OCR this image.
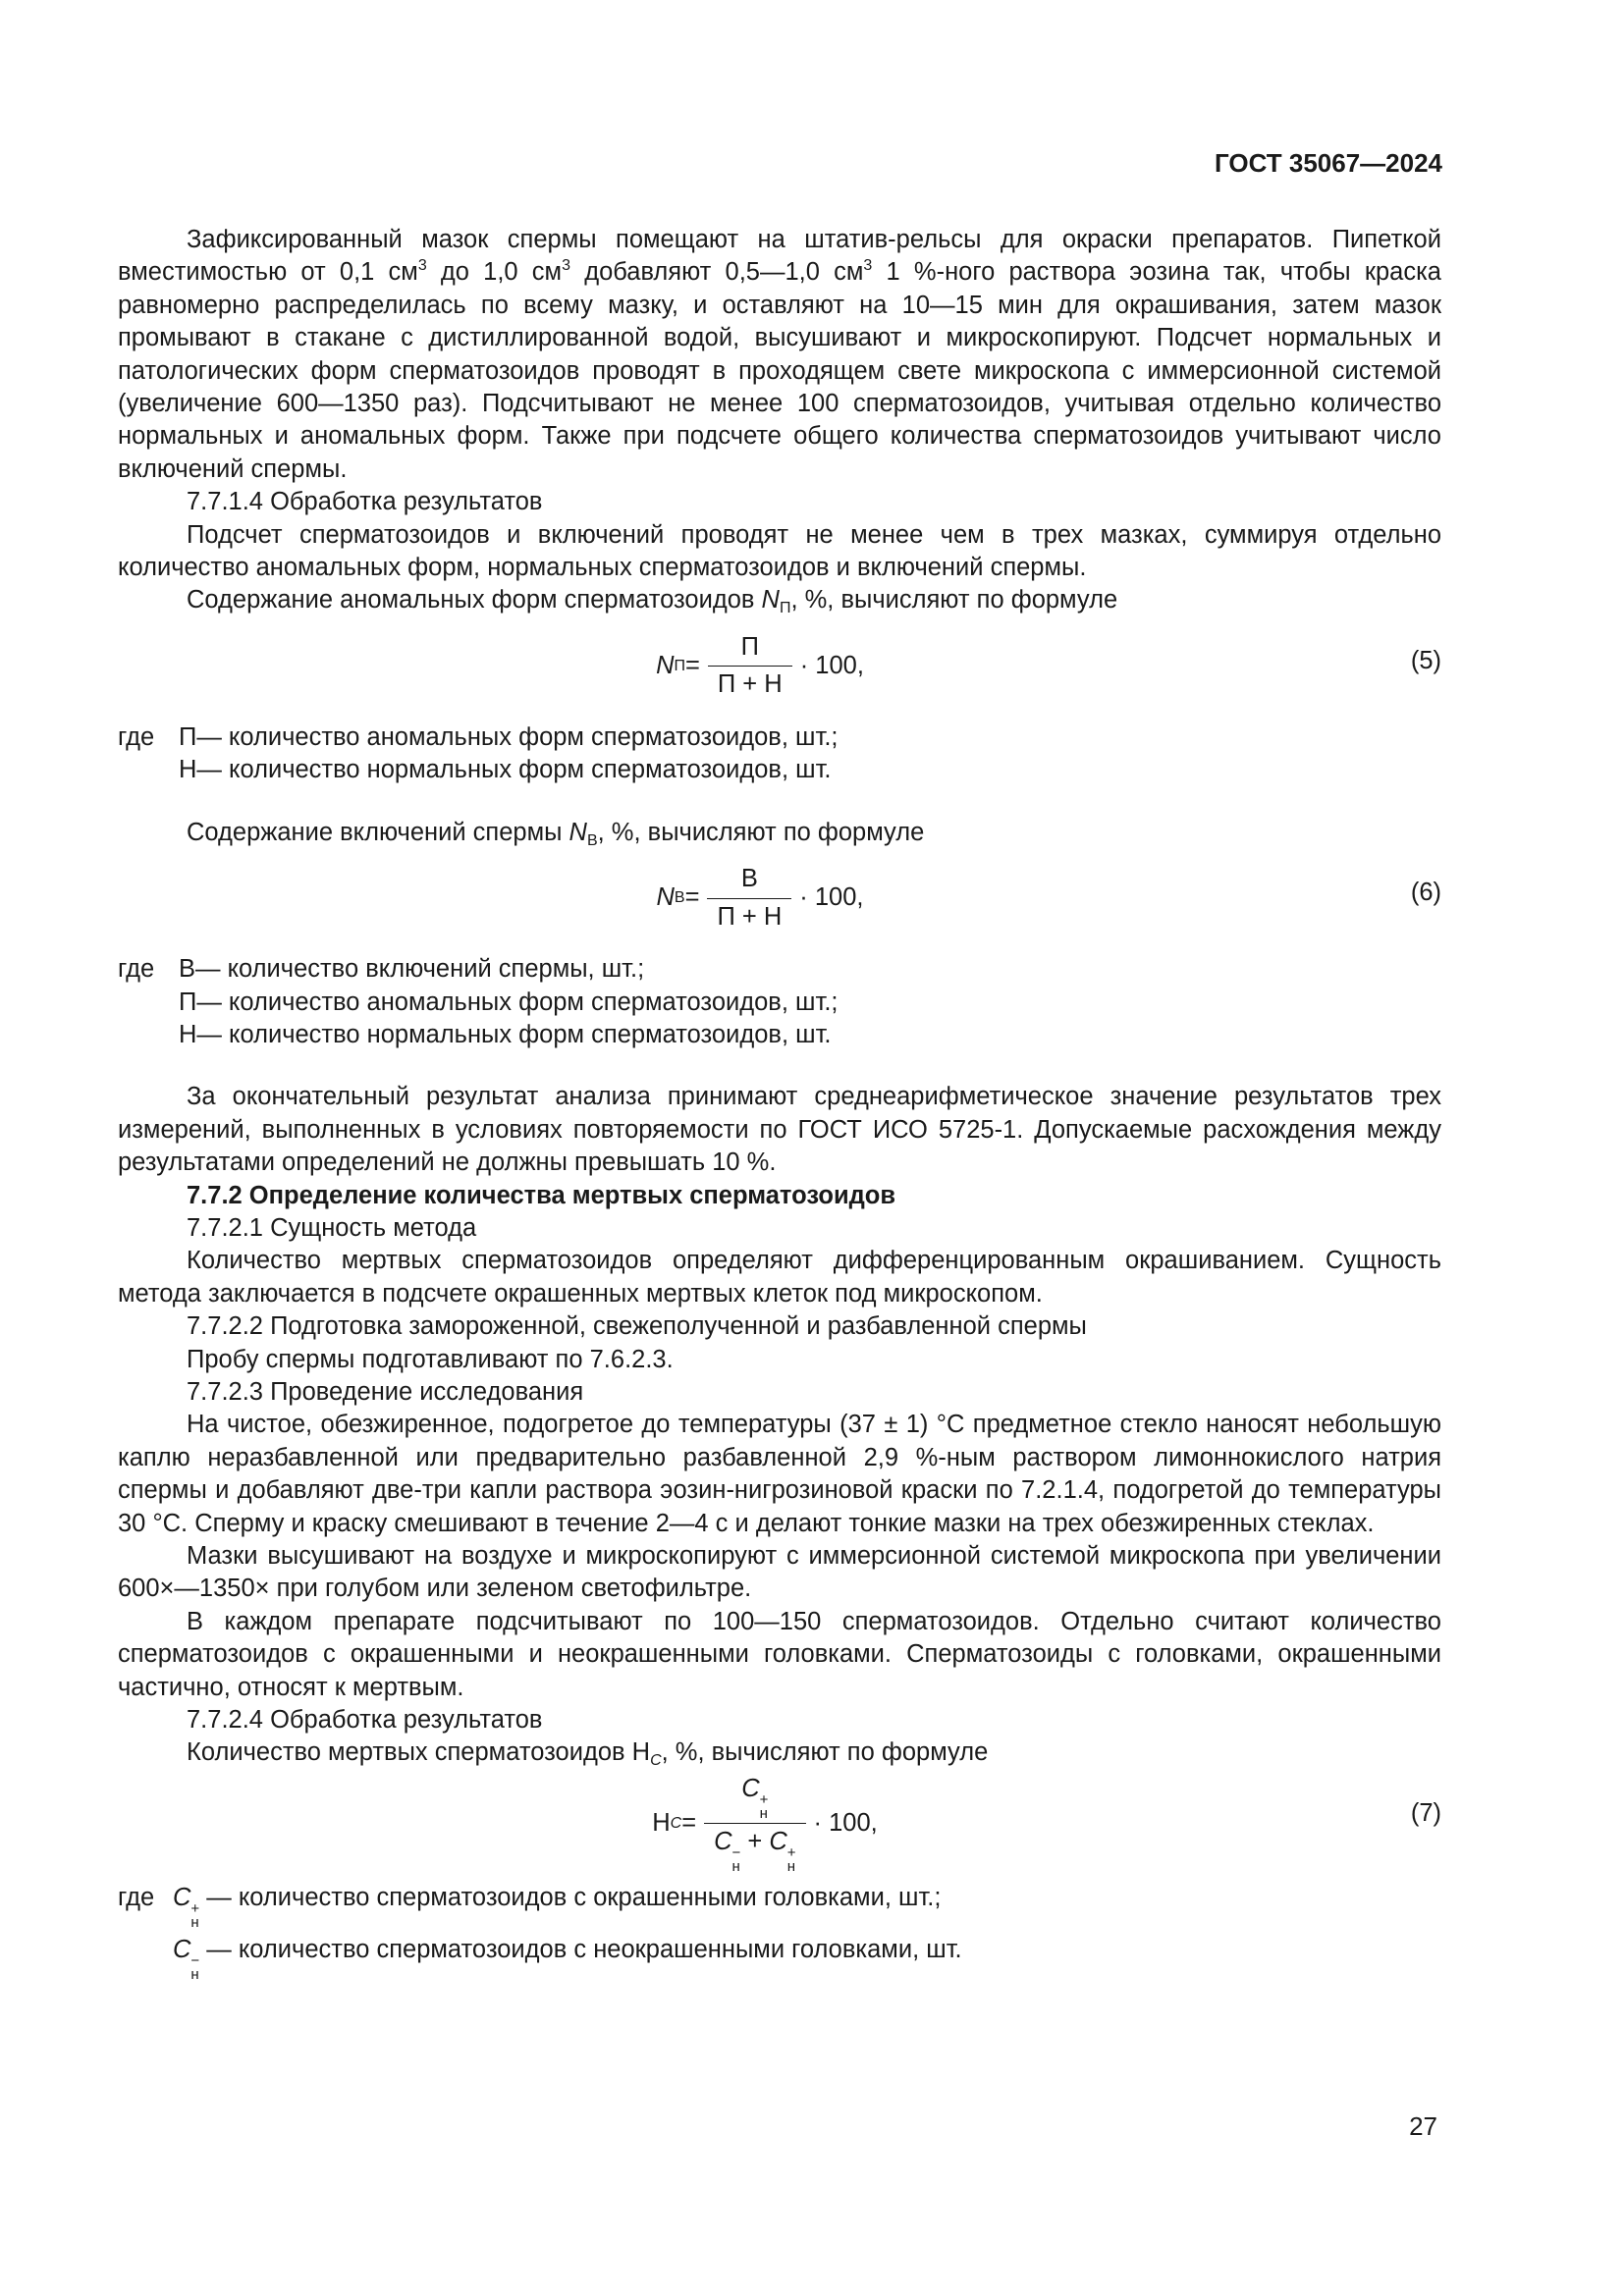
ГОСТ 35067—2024

Зафиксированный мазок спермы помещают на штатив-рельсы для окраски препаратов. Пипеткой вместимостью от 0,1 $см^3$ до 1,0 $см^3$ добавляют 0,5—1,0 $см^3$ 1 %-ного раствора эозина так, чтобы краска равномерно распределилась по всему мазку, и оставляют на 10—15 мин для окрашивания, затем мазок промывают в стакане с дистиллированной водой, высушивают и микроскопируют. Подсчет нормальных и патологических форм сперматозоидов проводят в проходящем свете микроскопа с иммерсионной системой (увеличение 600—1350 раз). Подсчитывают не менее 100 сперматозоидов, учитывая отдельно количество нормальных и аномальных форм. Также при подсчете общего количества сперматозоидов учитывают число включений спермы.

7.7.1.4 Обработка результатов

Подсчет сперматозоидов и включений проводят не менее чем в трех мазках, суммируя отдельно количество аномальных форм, нормальных сперматозоидов и включений спермы.

Содержание аномальных форм сперматозоидов $N_П$, %, вычисляют по формуле

N $П = \frac{П}{П + Н} \cdot 100$,	(5)
где П — количество аномальных форм сперматозоидов, шт.;
Н — количество нормальных форм сперматозоидов, шт.

Содержание включений спермы $N_В$, %, вычисляют по формуле

N $В = \frac{В}{П + Н} \cdot 100$,	(6)
где В — количество включений спермы, шт.;
П — количество аномальных форм сперматозоидов, шт.;
Н — количество нормальных форм сперматозоидов, шт.

За окончательный результат анализа принимают среднеарифметическое значение результатов трех измерений, выполненных в условиях повторяемости по ГОСТ ИСО 5725-1. Допускаемые расхождения между результатами определений не должны превышать 10 %.

7.7.2 Определение количества мертвых сперматозоидов

7.7.2.1 Сущность метода

Количество мертвых сперматозоидов определяют дифференцированным окрашиванием. Сущность метода заключается в подсчете окрашенных мертвых клеток под микроскопом.

7.7.2.2 Подготовка замороженной, свежеполученной и разбавленной спермы

Пробу спермы подготавливают по 7.6.2.3.

7.7.2.3 Проведение исследования

На чистое, обезжиренное, подогретое до температуры (37 ± 1) °С предметное стекло наносят небольшую каплю неразбавленной или предварительно разбавленной 2,9 %-ным раствором лимоннокислого натрия спермы и добавляют две-три капли раствора эозин-нигрозиновой краски по 7.2.1.4, подогретой до температуры 30 °С. Сперму и краску смешивают в течение 2—4 с и делают тонкие мазки на трех обезжиренных стеклах.

Мазки высушивают на воздухе и микроскопируют с иммерсионной системой микроскопа при увеличении 600×—1350× при голубом или зеленом светофильтре.

В каждом препарате подсчитывают по 100—150 сперматозоидов. Отдельно считают количество сперматозоидов с окрашенными и неокрашенными головками. Сперматозоиды с головками, окрашенными частично, относят к мертвым.

7.7.2.4 Обработка результатов

Количество мертвых сперматозоидов $Н_C$, %, вычисляют по формуле

Н C = C +
н
C −
н
+ C +
н · 100,	(7)
где C +
н
— количество сперматозоидов с окрашенными головками, шт.;
C −
н
— количество сперматозоидов с неокрашенными головками, шт.
27
